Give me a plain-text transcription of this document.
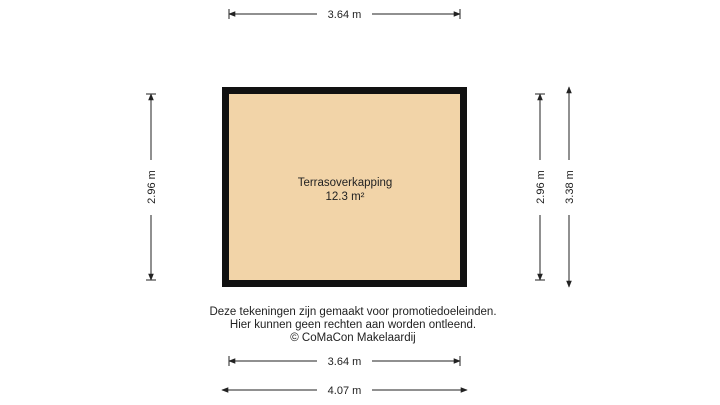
Terrasoverkapping
12.3 m²
3.64 m
3.64 m
4.07 m
2.96 m	2.96 m 3.38 m
Deze tekeningen zijn gemaakt voor promotiedoeleinden.
Hier kunnen geen rechten aan worden ontleend.
© CoMaCon Makelaardij
